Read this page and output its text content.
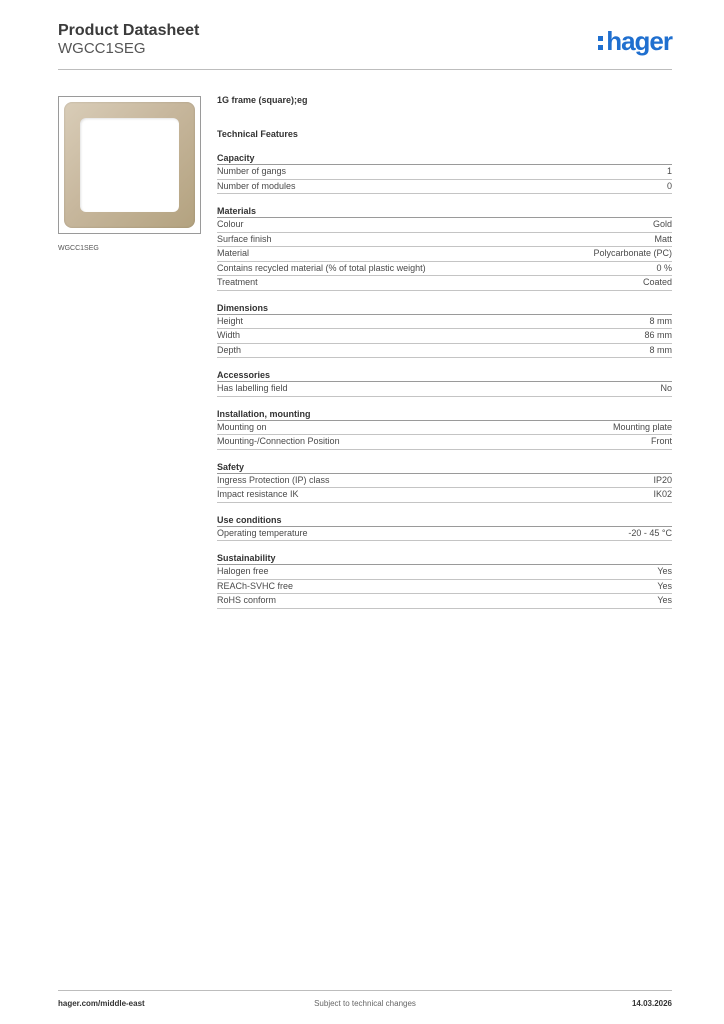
Product Datasheet
WGCC1SEG	hager
WGCC1SEG
1G frame (square);eg
Technical Features
Capacity
Number of gangs	1
Number of modules	0
Materials
Colour	Gold
Surface finish	Matt
Material	Polycarbonate (PC)
Contains recycled material (% of total plastic weight)	0 %
Treatment	Coated
Dimensions
Height	8 mm
Width	86 mm
Depth	8 mm
Accessories
Has labelling field	No
Installation, mounting
Mounting on	Mounting plate
Mounting-/Connection Position	Front
Safety
Ingress Protection (IP) class	IP20
Impact resistance IK	IK02
Use conditions
Operating temperature	-20 - 45 °C
Sustainability
Halogen free	Yes
REACh-SVHC free	Yes
RoHS conform	Yes
hager.com/middle-east	Subject to technical changes	14.03.2026
